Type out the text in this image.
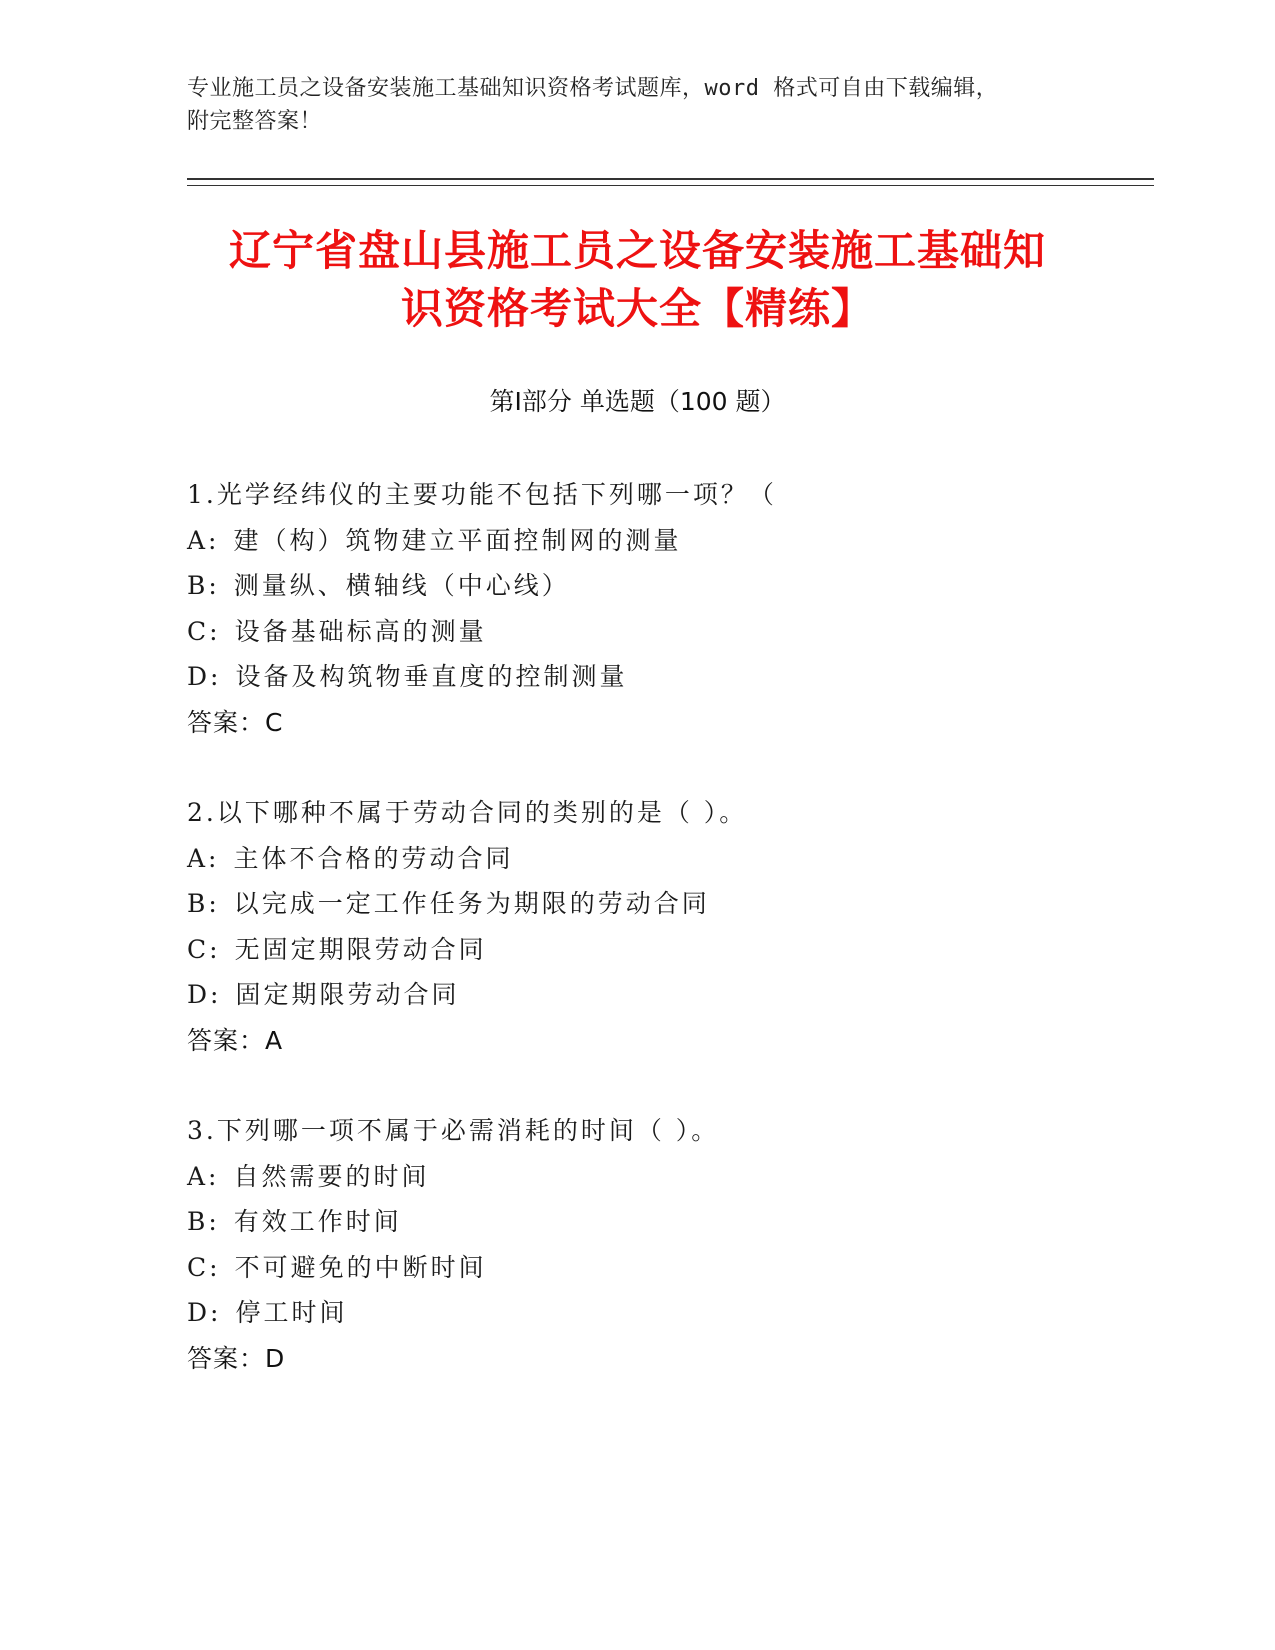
专业施工员之设备安装施工基础知识资格考试题库，word 格式可自由下载编辑，
附完整答案！
辽宁省盘山县施工员之设备安装施工基础知
识资格考试大全【精练】
第Ⅰ部分 单选题（100 题）
1.光学经纬仪的主要功能不包括下列哪一项？（
A: 建（构）筑物建立平面控制网的测量
B: 测量纵、横轴线（中心线）
C: 设备基础标高的测量
D: 设备及构筑物垂直度的控制测量
答案：C
2.以下哪种不属于劳动合同的类别的是（ ）。
A: 主体不合格的劳动合同
B: 以完成一定工作任务为期限的劳动合同
C: 无固定期限劳动合同
D: 固定期限劳动合同
答案：A
3.下列哪一项不属于必需消耗的时间（ ）。
A: 自然需要的时间
B: 有效工作时间
C: 不可避免的中断时间
D: 停工时间
答案：D
